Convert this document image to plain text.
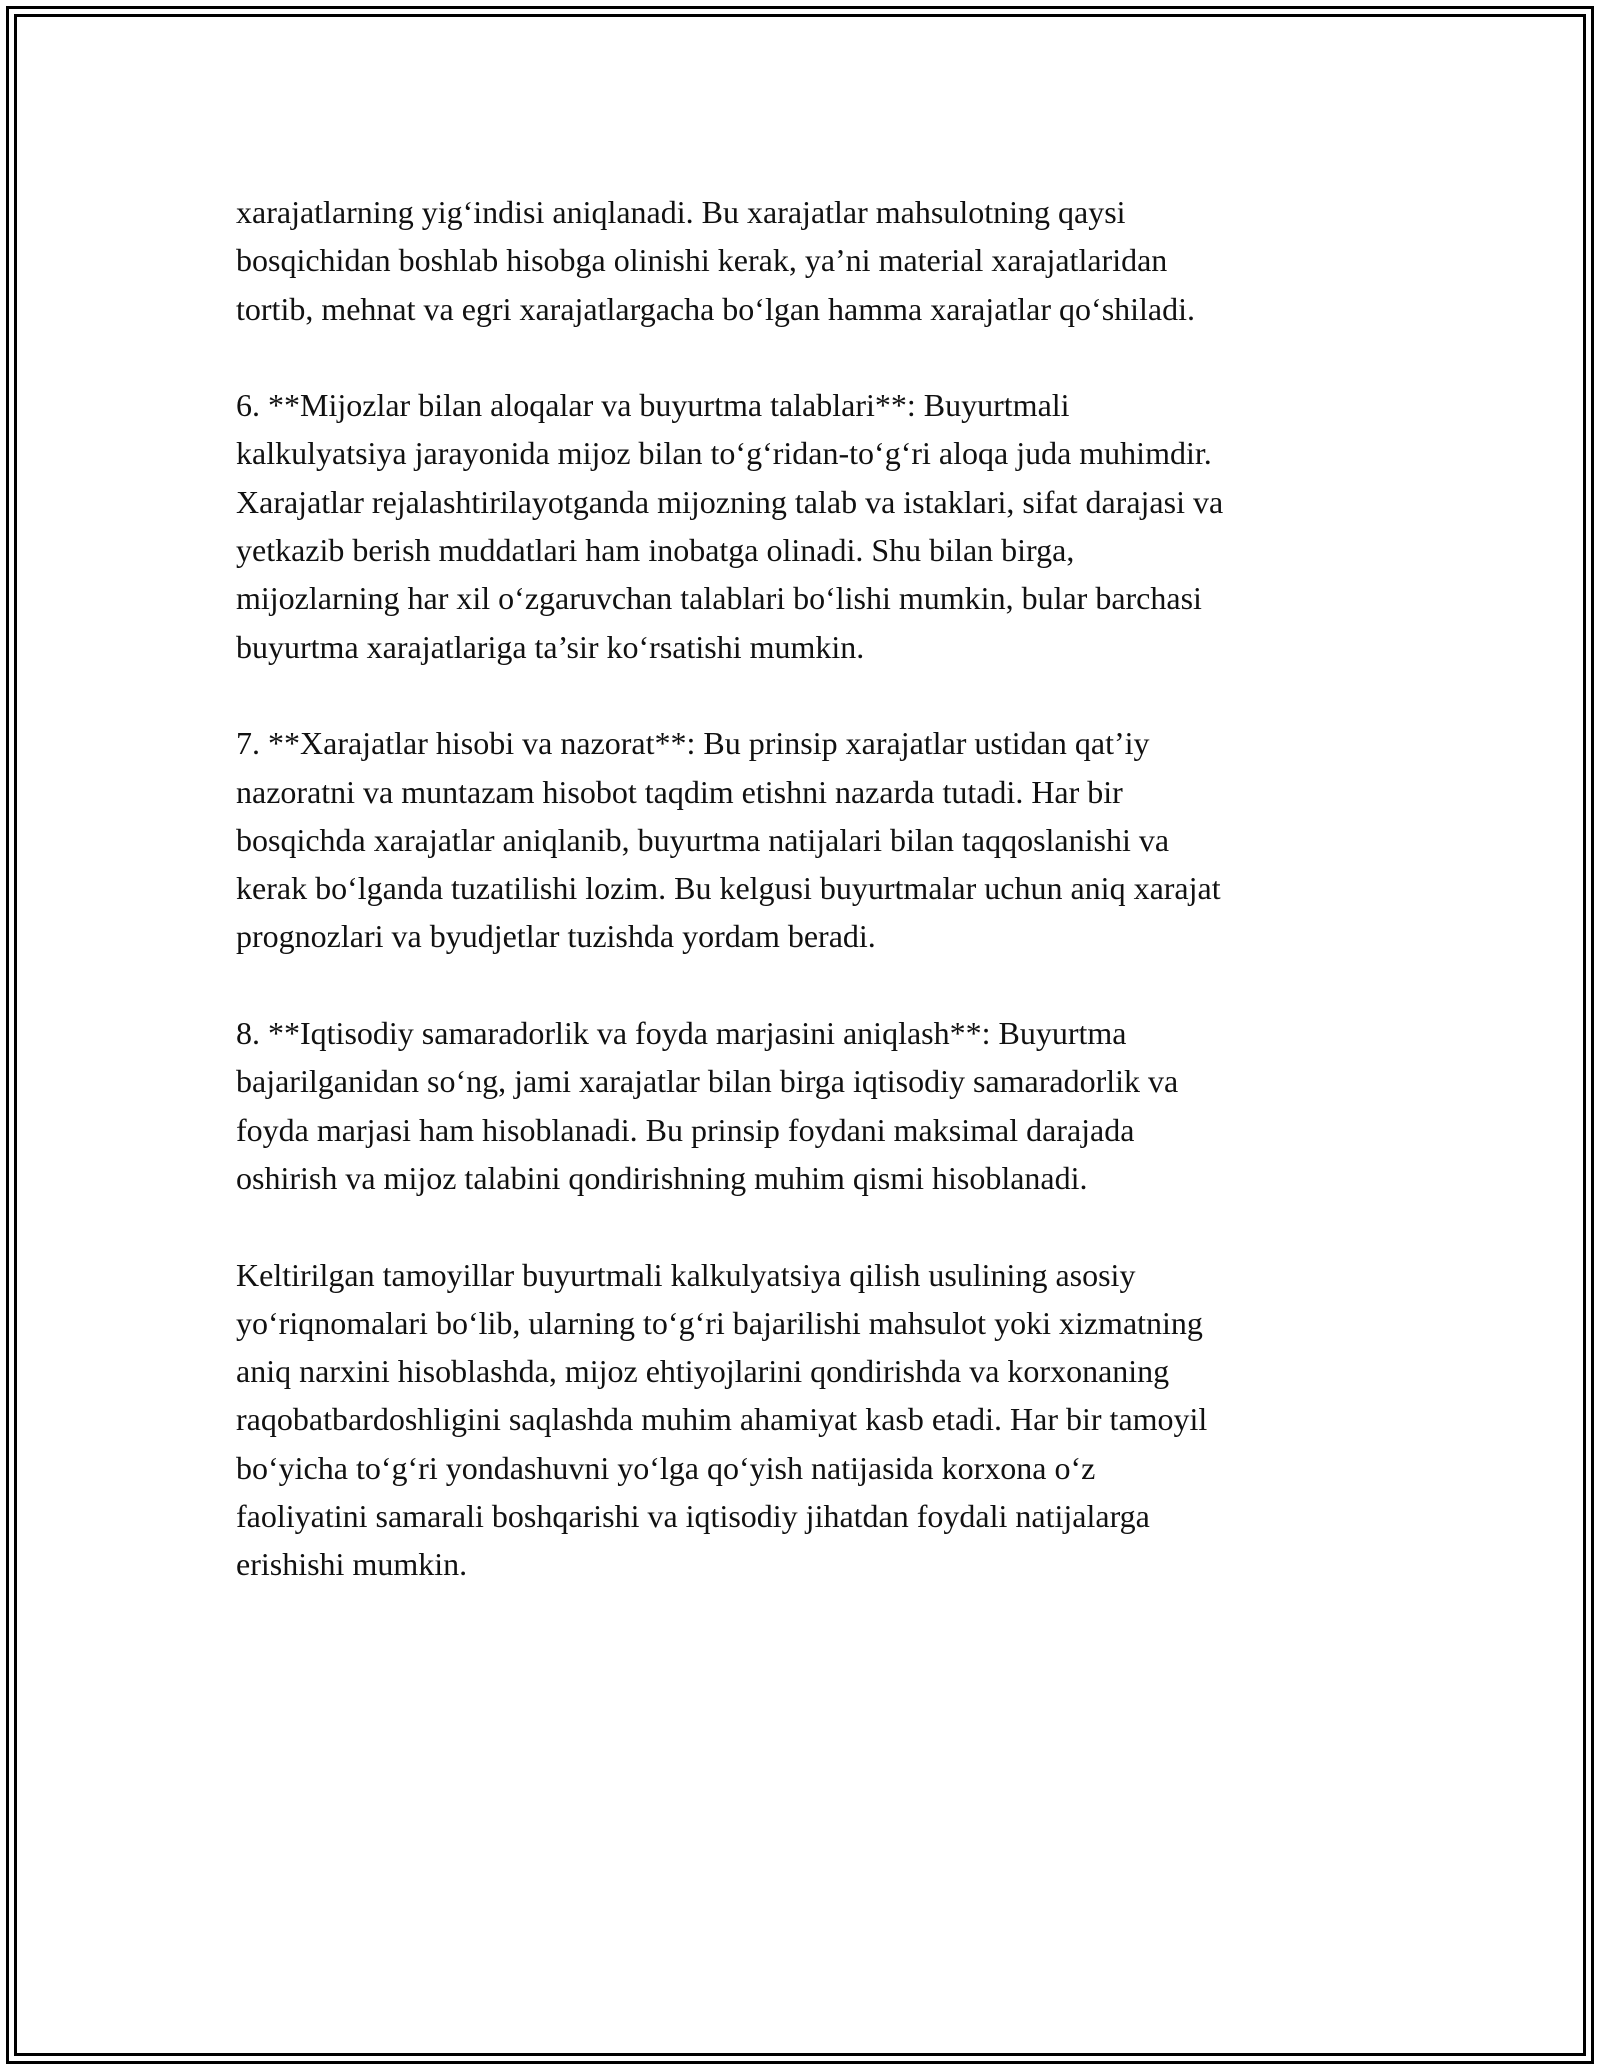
xarajatlarning yig‘indisi aniqlanadi. Bu xarajatlar mahsulotning qaysi
bosqichidan boshlab hisobga olinishi kerak, ya’ni material xarajatlaridan
tortib, mehnat va egri xarajatlargacha bo‘lgan hamma xarajatlar qo‘shiladi.

6. **Mijozlar bilan aloqalar va buyurtma talablari**: Buyurtmali
kalkulyatsiya jarayonida mijoz bilan to‘g‘ridan-to‘g‘ri aloqa juda muhimdir.
Xarajatlar rejalashtirilayotganda mijozning talab va istaklari, sifat darajasi va
yetkazib berish muddatlari ham inobatga olinadi. Shu bilan birga,
mijozlarning har xil o‘zgaruvchan talablari bo‘lishi mumkin, bular barchasi
buyurtma xarajatlariga ta’sir ko‘rsatishi mumkin.

7. **Xarajatlar hisobi va nazorat**: Bu prinsip xarajatlar ustidan qat’iy
nazoratni va muntazam hisobot taqdim etishni nazarda tutadi. Har bir
bosqichda xarajatlar aniqlanib, buyurtma natijalari bilan taqqoslanishi va
kerak bo‘lganda tuzatilishi lozim. Bu kelgusi buyurtmalar uchun aniq xarajat
prognozlari va byudjetlar tuzishda yordam beradi.

8. **Iqtisodiy samaradorlik va foyda marjasini aniqlash**: Buyurtma
bajarilganidan so‘ng, jami xarajatlar bilan birga iqtisodiy samaradorlik va
foyda marjasi ham hisoblanadi. Bu prinsip foydani maksimal darajada
oshirish va mijoz talabini qondirishning muhim qismi hisoblanadi.

Keltirilgan tamoyillar buyurtmali kalkulyatsiya qilish usulining asosiy
yo‘riqnomalari bo‘lib, ularning to‘g‘ri bajarilishi mahsulot yoki xizmatning
aniq narxini hisoblashda, mijoz ehtiyojlarini qondirishda va korxonaning
raqobatbardoshligini saqlashda muhim ahamiyat kasb etadi. Har bir tamoyil
bo‘yicha to‘g‘ri yondashuvni yo‘lga qo‘yish natijasida korxona o‘z
faoliyatini samarali boshqarishi va iqtisodiy jihatdan foydali natijalarga
erishishi mumkin.
